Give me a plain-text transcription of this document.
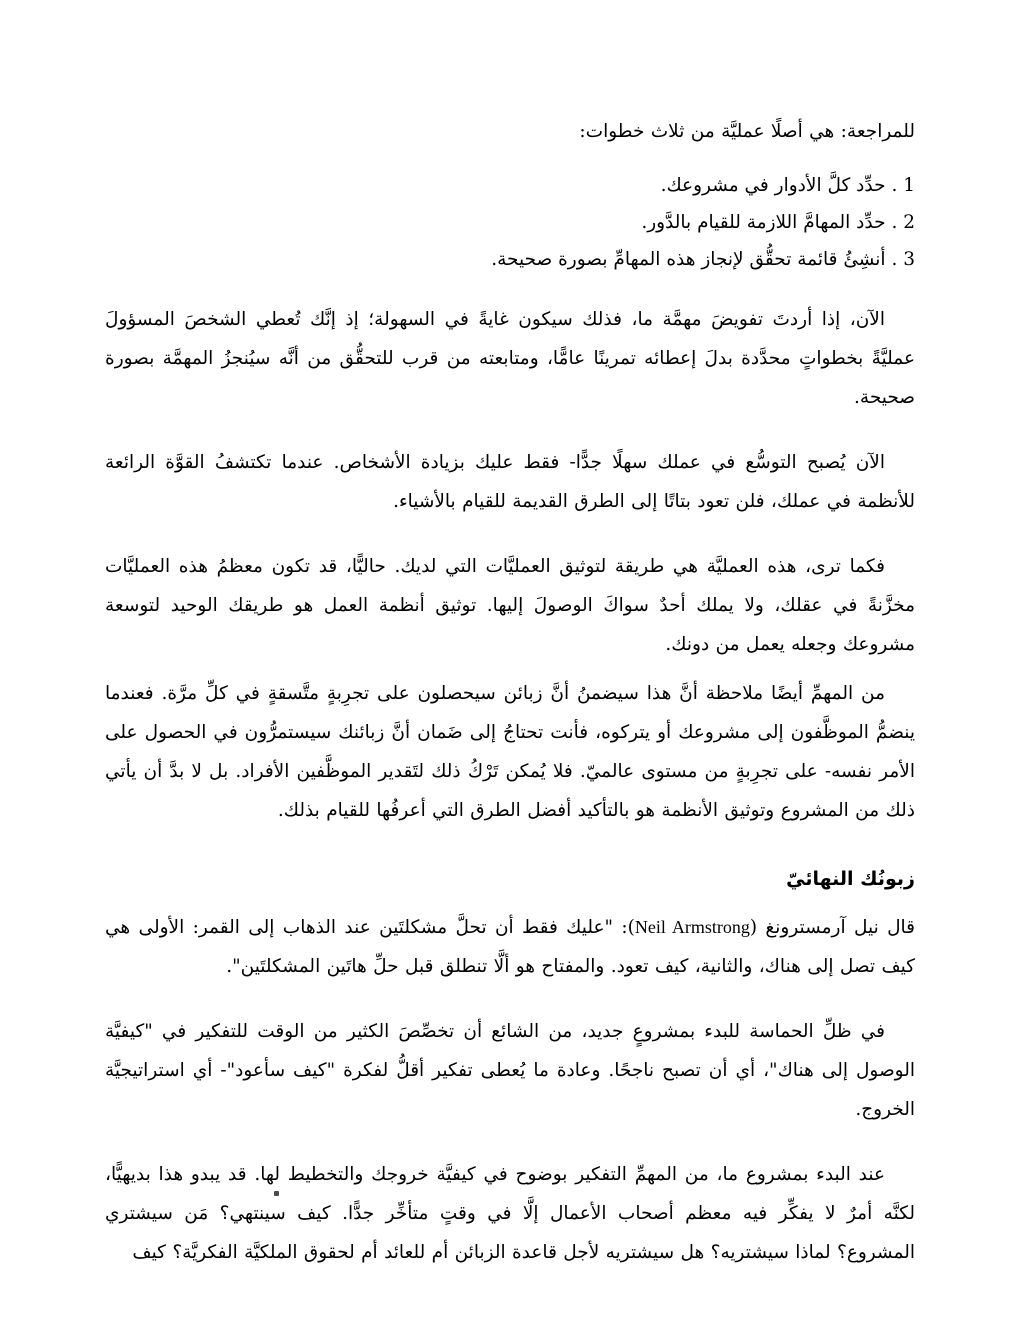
للمراجعة: هي أصلًا عمليَّة من ثلاث خطوات:

1 . حدِّد كلَّ الأدوار في مشروعك.
2 . حدِّد المهامَّ اللازمة للقيام بالدَّور.
3 . أنشِئُ قائمة تحقُّق لإنجاز هذه المهامِّ بصورة صحيحة.

الآن، إذا أردتَ تفويضَ مهمَّة ما، فذلك سيكون غايةً في السهولة؛ إذ إنَّك تُعطي الشخصَ المسؤولَ عمليَّةً بخطواتٍ محدَّدة بدلَ إعطائه تمرينًا عامًّا، ومتابعته من قرب للتحقُّق من أنَّه سيُنجزُ المهمَّة بصورة صحيحة.

الآن يُصبح التوسُّع في عملك سهلًا جدًّا- فقط عليك بزيادة الأشخاص. عندما تكتشفُ القوَّة الرائعة للأنظمة في عملك، فلن تعود بتاتًا إلى الطرق القديمة للقيام بالأشياء.

فكما ترى، هذه العمليَّة هي طريقة لتوثيق العمليَّات التي لديك. حاليًّا، قد تكون معظمُ هذه العمليَّات مخزَّنةً في عقلك، ولا يملك أحدٌ سواكَ الوصولَ إليها. توثيق أنظمة العمل هو طريقك الوحيد لتوسعة مشروعك وجعله يعمل من دونك.

من المهمِّ أيضًا ملاحظة أنَّ هذا سيضمنُ أنَّ زبائن سيحصلون على تجرِبةٍ متَّسقةٍ في كلِّ مرَّة. فعندما ينضمُّ الموظَّفون إلى مشروعك أو يتركوه، فأنت تحتاجُ إلى ضَمان أنَّ زبائنك سيستمرُّون في الحصول على الأمر نفسه- على تجرِبةٍ من مستوى عالميّ. فلا يُمكن تَرْكُ ذلك لتَقدير الموظَّفين الأفراد. بل لا بدَّ أن يأتي ذلك من المشروع وتوثيق الأنظمة هو بالتأكيد أفضل الطرق التي أعرفُها للقيام بذلك.

زبونُك النهائيّ

قال نيل آرمسترونغ (Neil Armstrong): "عليك فقط أن تحلَّ مشكلتَين عند الذهاب إلى القمر: الأولى هي كيف تصل إلى هناك، والثانية، كيف تعود. والمفتاح هو ألَّا تنطلق قبل حلِّ هاتَين المشكلتَين".

في ظلِّ الحماسة للبدء بمشروعٍ جديد، من الشائع أن تخصِّصَ الكثير من الوقت للتفكير في "كيفيَّة الوصول إلى هناك"، أي أن تصبح ناجحًا. وعادة ما يُعطى تفكير أقلُّ لفكرة "كيف سأعود"- أي استراتيجيَّة الخروج.

عند البدء بمشروع ما، من المهمِّ التفكير بوضوح في كيفيَّة خروجك والتخطيط لها. قد يبدو هذا بديهيًّا، لكنَّه أمرٌ لا يفكِّر فيه معظم أصحاب الأعمال إلَّا في وقتٍ متأخِّر جدًّا. كيف سينتهي؟ مَن سيشتري المشروع؟ لماذا سيشتريه؟ هل سيشتريه لأجل قاعدة الزبائن أم للعائد أم لحقوق الملكيَّة الفكريَّة؟ كيف
